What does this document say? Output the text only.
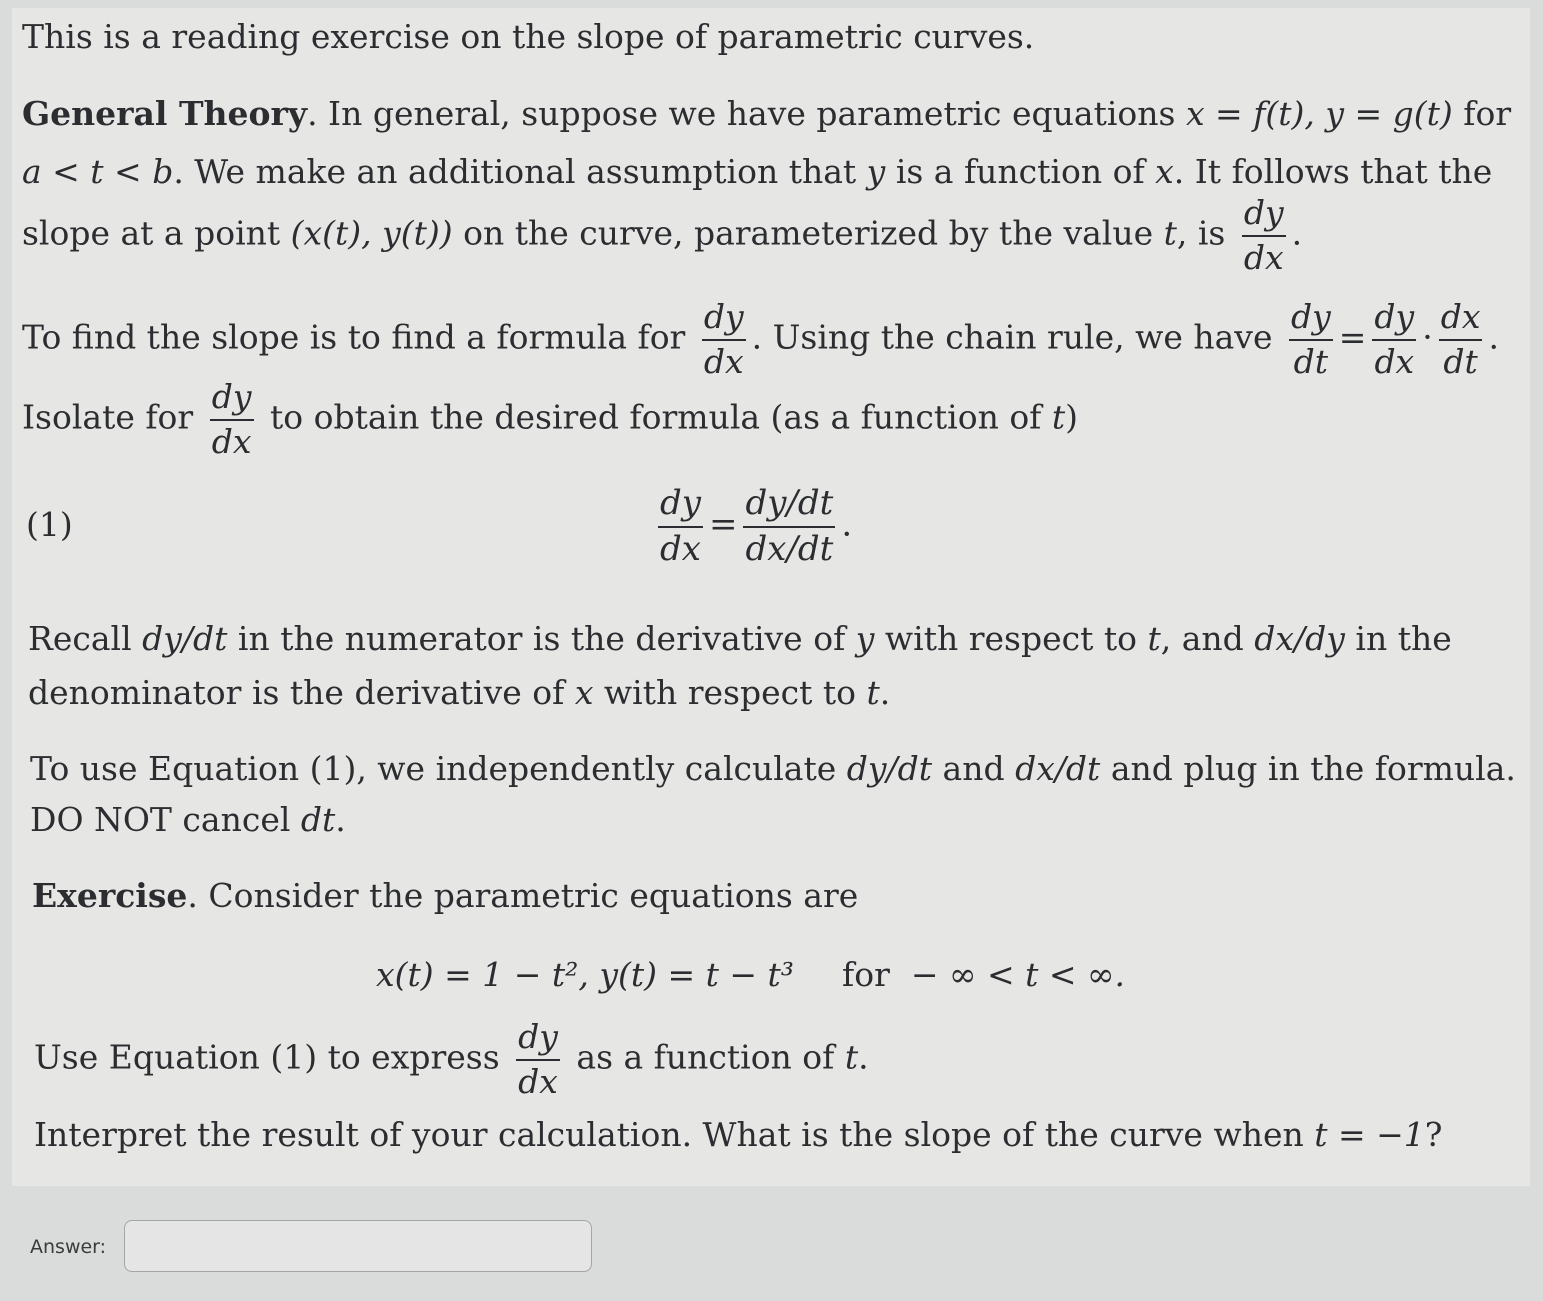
This is a reading exercise on the slope of parametric curves.
General Theory. In general, suppose we have parametric equations x = f(t), y = g(t) for
a < t < b. We make an additional assumption that y is a function of x. It follows that the
slope at a point (x(t), y(t)) on the curve, parameterized by the value t, is $\frac{dy}{dx}$ .
To find the slope is to find a formula for $\frac{dy}{dx}$ . Using the chain rule, we have $\frac{dy}{dt} = \frac{dy}{dx} \cdot \frac{dx}{dt}$ .
Isolate for $\frac{dy}{dx}$ to obtain the desired formula (as a function of t)
(1)	$\frac{dy}{dx} = \frac{dy/dt}{dx/dt}$ .
Recall dy/dt in the numerator is the derivative of y with respect to t, and dx/dy in the
denominator is the derivative of x with respect to t.
To use Equation (1), we independently calculate dy/dt and dx/dt and plug in the formula.
DO NOT cancel dt.
Exercise. Consider the parametric equations are
x(t) = 1 − t², y(t) = t − t³ for − ∞ < t < ∞.
Use Equation (1) to express $\frac{dy}{dx}$ as a function of t.
Interpret the result of your calculation. What is the slope of the curve when t = −1?
Answer:
